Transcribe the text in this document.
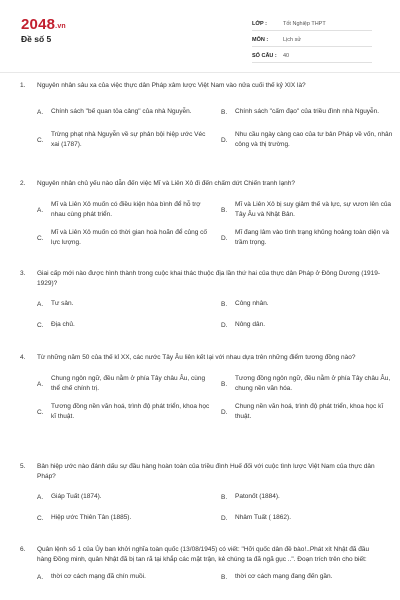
2048.vn
Đề số 5
LỚP :	Tốt Nghiệp THPT
MÔN :	Lịch sử
SỐ CÂU :	40
1.	Nguyên nhân sâu xa của việc thực dân Pháp xâm lược Việt Nam vào nửa cuối thế kỷ XIX là?
A.	Chính sách "bế quan tỏa cảng" của nhà Nguyễn.	B.	Chính sách "cấm đạo" của triều đình nhà Nguyễn.
C.
Trừng phạt nhà Nguyễn về sự phản bội hiệp ước Véc xai (1787).
D.
Nhu cầu ngày càng cao của tư bản Pháp về vốn, nhân công và thị trường.
2.	Nguyên nhân chủ yếu nào dẫn đến việc Mĩ và Liên Xô đi đến chấm dứt Chiến tranh lạnh?
A.
Mĩ và Liên Xô muốn có điều kiện hòa bình để hỗ trợ nhau cùng phát triển.
B.
Mĩ và Liên Xô bị suy giảm thế và lực, sự vươn lên của Tây Âu và Nhật Bản.
C.
Mĩ và Liên Xô muốn có thời gian hoà hoãn để củng cố lực lượng.
D.
Mĩ đang lâm vào tình trạng khủng hoảng toàn diện và trầm trọng.
3.	Giai cấp mới nào được hình thành trong cuộc khai thác thuộc địa lần thứ hai của thực dân Pháp ở Đông Dương (1919-1929)?
A.	Tư sản.	B.	Công nhân.
C.	Địa chủ.	D.	Nông dân.
4.	Từ những năm 50 của thế kỉ XX, các nước Tây Âu liên kết lại với nhau dựa trên những điểm tương đồng nào?
A.
Chung ngôn ngữ, đều nằm ở phía Tây châu Âu, cùng thể chế chính trị.
B.
Tương đồng ngôn ngữ, đều nằm ở phía Tây châu Âu, chung nền văn hóa.
C.
Tương đồng nền văn hoá, trình độ phát triển, khoa học kĩ thuật.
D.
Chung nền văn hoá, trình độ phát triển, khoa học kĩ thuật.
5.	Bản hiệp ước nào đánh dấu sự đầu hàng hoàn toàn của triều đình Huế đối với cuộc tình lược Việt Nam của thực dân Pháp?
A.	Giáp Tuất (1874).	B.	Patonốt (1884).
C.	Hiệp ước Thiên Tân (1885).	D.	Nhâm Tuất ( 1862).
6.	Quân lệnh số 1 của Ủy ban khởi nghĩa toàn quốc (13/08/1945) có viết: "Hỡi quốc dân đề bào!..Phát xít Nhật đã đầu hàng Đồng minh, quân Nhật đã bị tan rã tại khắp các mặt trận, kẻ chúng ta đã ngã gục ..". Đoạn trích trên cho biết:
A.	thời cơ cách mạng đã chín muồi.	B.	thời cơ cách mạng đang đến gần.
